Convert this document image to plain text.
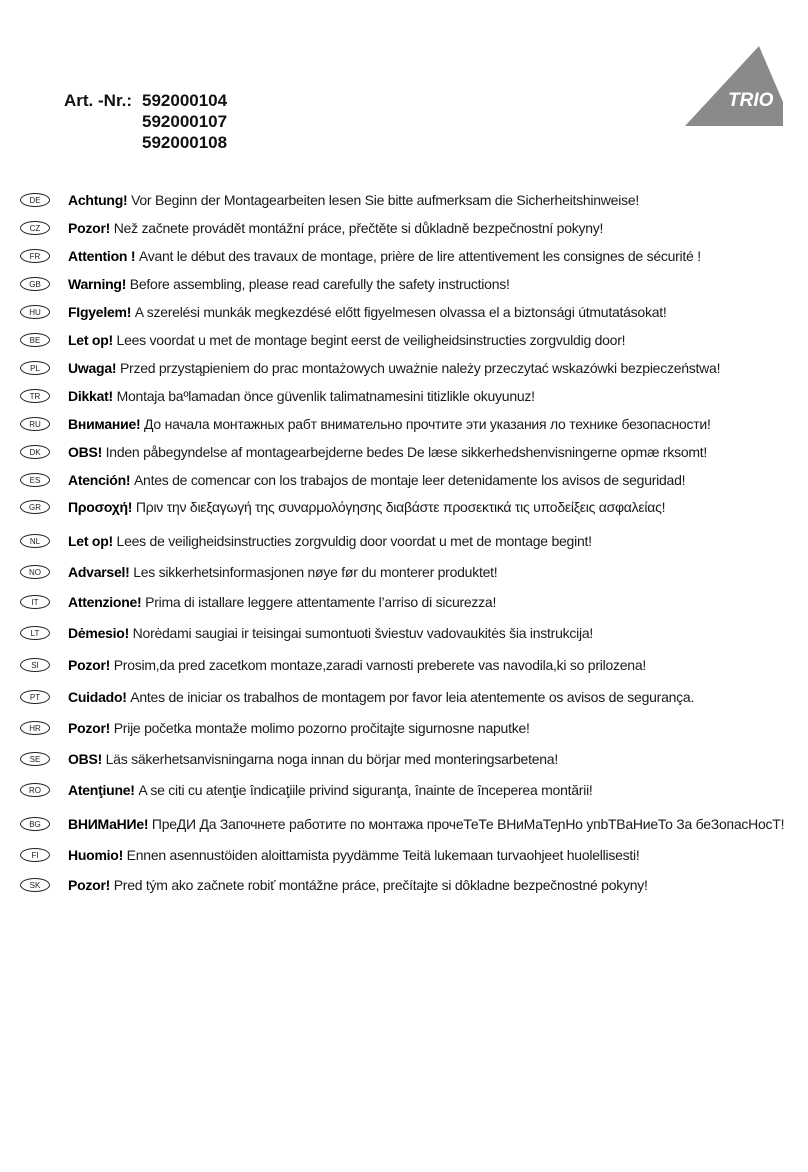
Art. -Nr.: 592000104
592000107
592000108
TRIO
DE	Achtung! Vor Beginn der Montagearbeiten lesen Sie bitte aufmerksam die Sicherheitshinweise!
CZ	Pozor! Než začnete provádět montážní práce, přečtěte si důkladně bezpečnostní pokyny!
FR	Attention ! Avant le début des travaux de montage, prière de lire attentivement les consignes de sécurité !
GB	Warning! Before assembling, please read carefully the safety instructions!
HU	FIgyelem! A szerelési munkák megkezdésé előtt figyelmesen olvassa el a biztonsági útmutatásokat!
BE	Let op! Lees voordat u met de montage begint eerst de veiligheidsinstructies zorgvuldig door!
PL	Uwaga! Przed przystąpieniem do prac montażowych uważnie należy przeczytać wskazówki bezpieczeństwa!
TR	Dikkat! Montaja baºlamadan önce güvenlik talimatnamesini titizlikle okuyunuz!
RU	Внимание! До начала монтажных рабт внимательно прочтите эти указания ло технике безопасности!
DK	OBS! Inden påbegyndelse af montagearbejderne bedes De læse sikkerhedshenvisningerne opmæ rksomt!
ES	Atención! Antes de comencar con los trabajos de montaje leer detenidamente los avisos de seguridad!
GR	Προσοχή! Πριν την διεξαγωγή της συναρμολόγησης διαβάστε προσεκτικά τις υποδείξεις ασφαλείας!
NL	Let op! Lees de veiligheidsinstructies zorgvuldig door voordat u met de montage begint!
NO	Advarsel! Les sikkerhetsinformasjonen nøye før du monterer produktet!
IT	Attenzione! Prima di istallare leggere attentamente l’arriso di sicurezza!
LT	Dėmesio! Norėdami saugiai ir teisingai sumontuoti šviestuv vadovaukitės šia instrukcija!
SI	Pozor! Prosim,da pred zacetkom montaze,zaradi varnosti preberete vas navodila,ki so prilozena!
PT	Cuidado! Antes de iniciar os trabalhos de montagem por favor leia atentemente os avisos de segurança.
HR	Pozor! Prije početka montaže molimo pozorno pročitajte sigurnosne naputke!
SE	OBS! Läs säkerhetsanvisningarna noga innan du börjar med monteringsarbetena!
RO	Atenţiune! A se citi cu atenţie îndicaţiile privind siguranţa, înainte de începerea montării!
BG	ВНИМаНИе! ПреДИ Да Започнете работите по монтажа прочеТеТе ВНиМаТеɲНо упbТВаНиеТо За беЗопасНосТ!
FI	Huomio! Ennen asennustöiden aloittamista pyydämme Teitä lukemaan turvaohjeet huolellisesti!
SK	Pozor! Pred tým ako začnete robiť montážne práce, prečítajte si dôkladne bezpečnostné pokyny!
